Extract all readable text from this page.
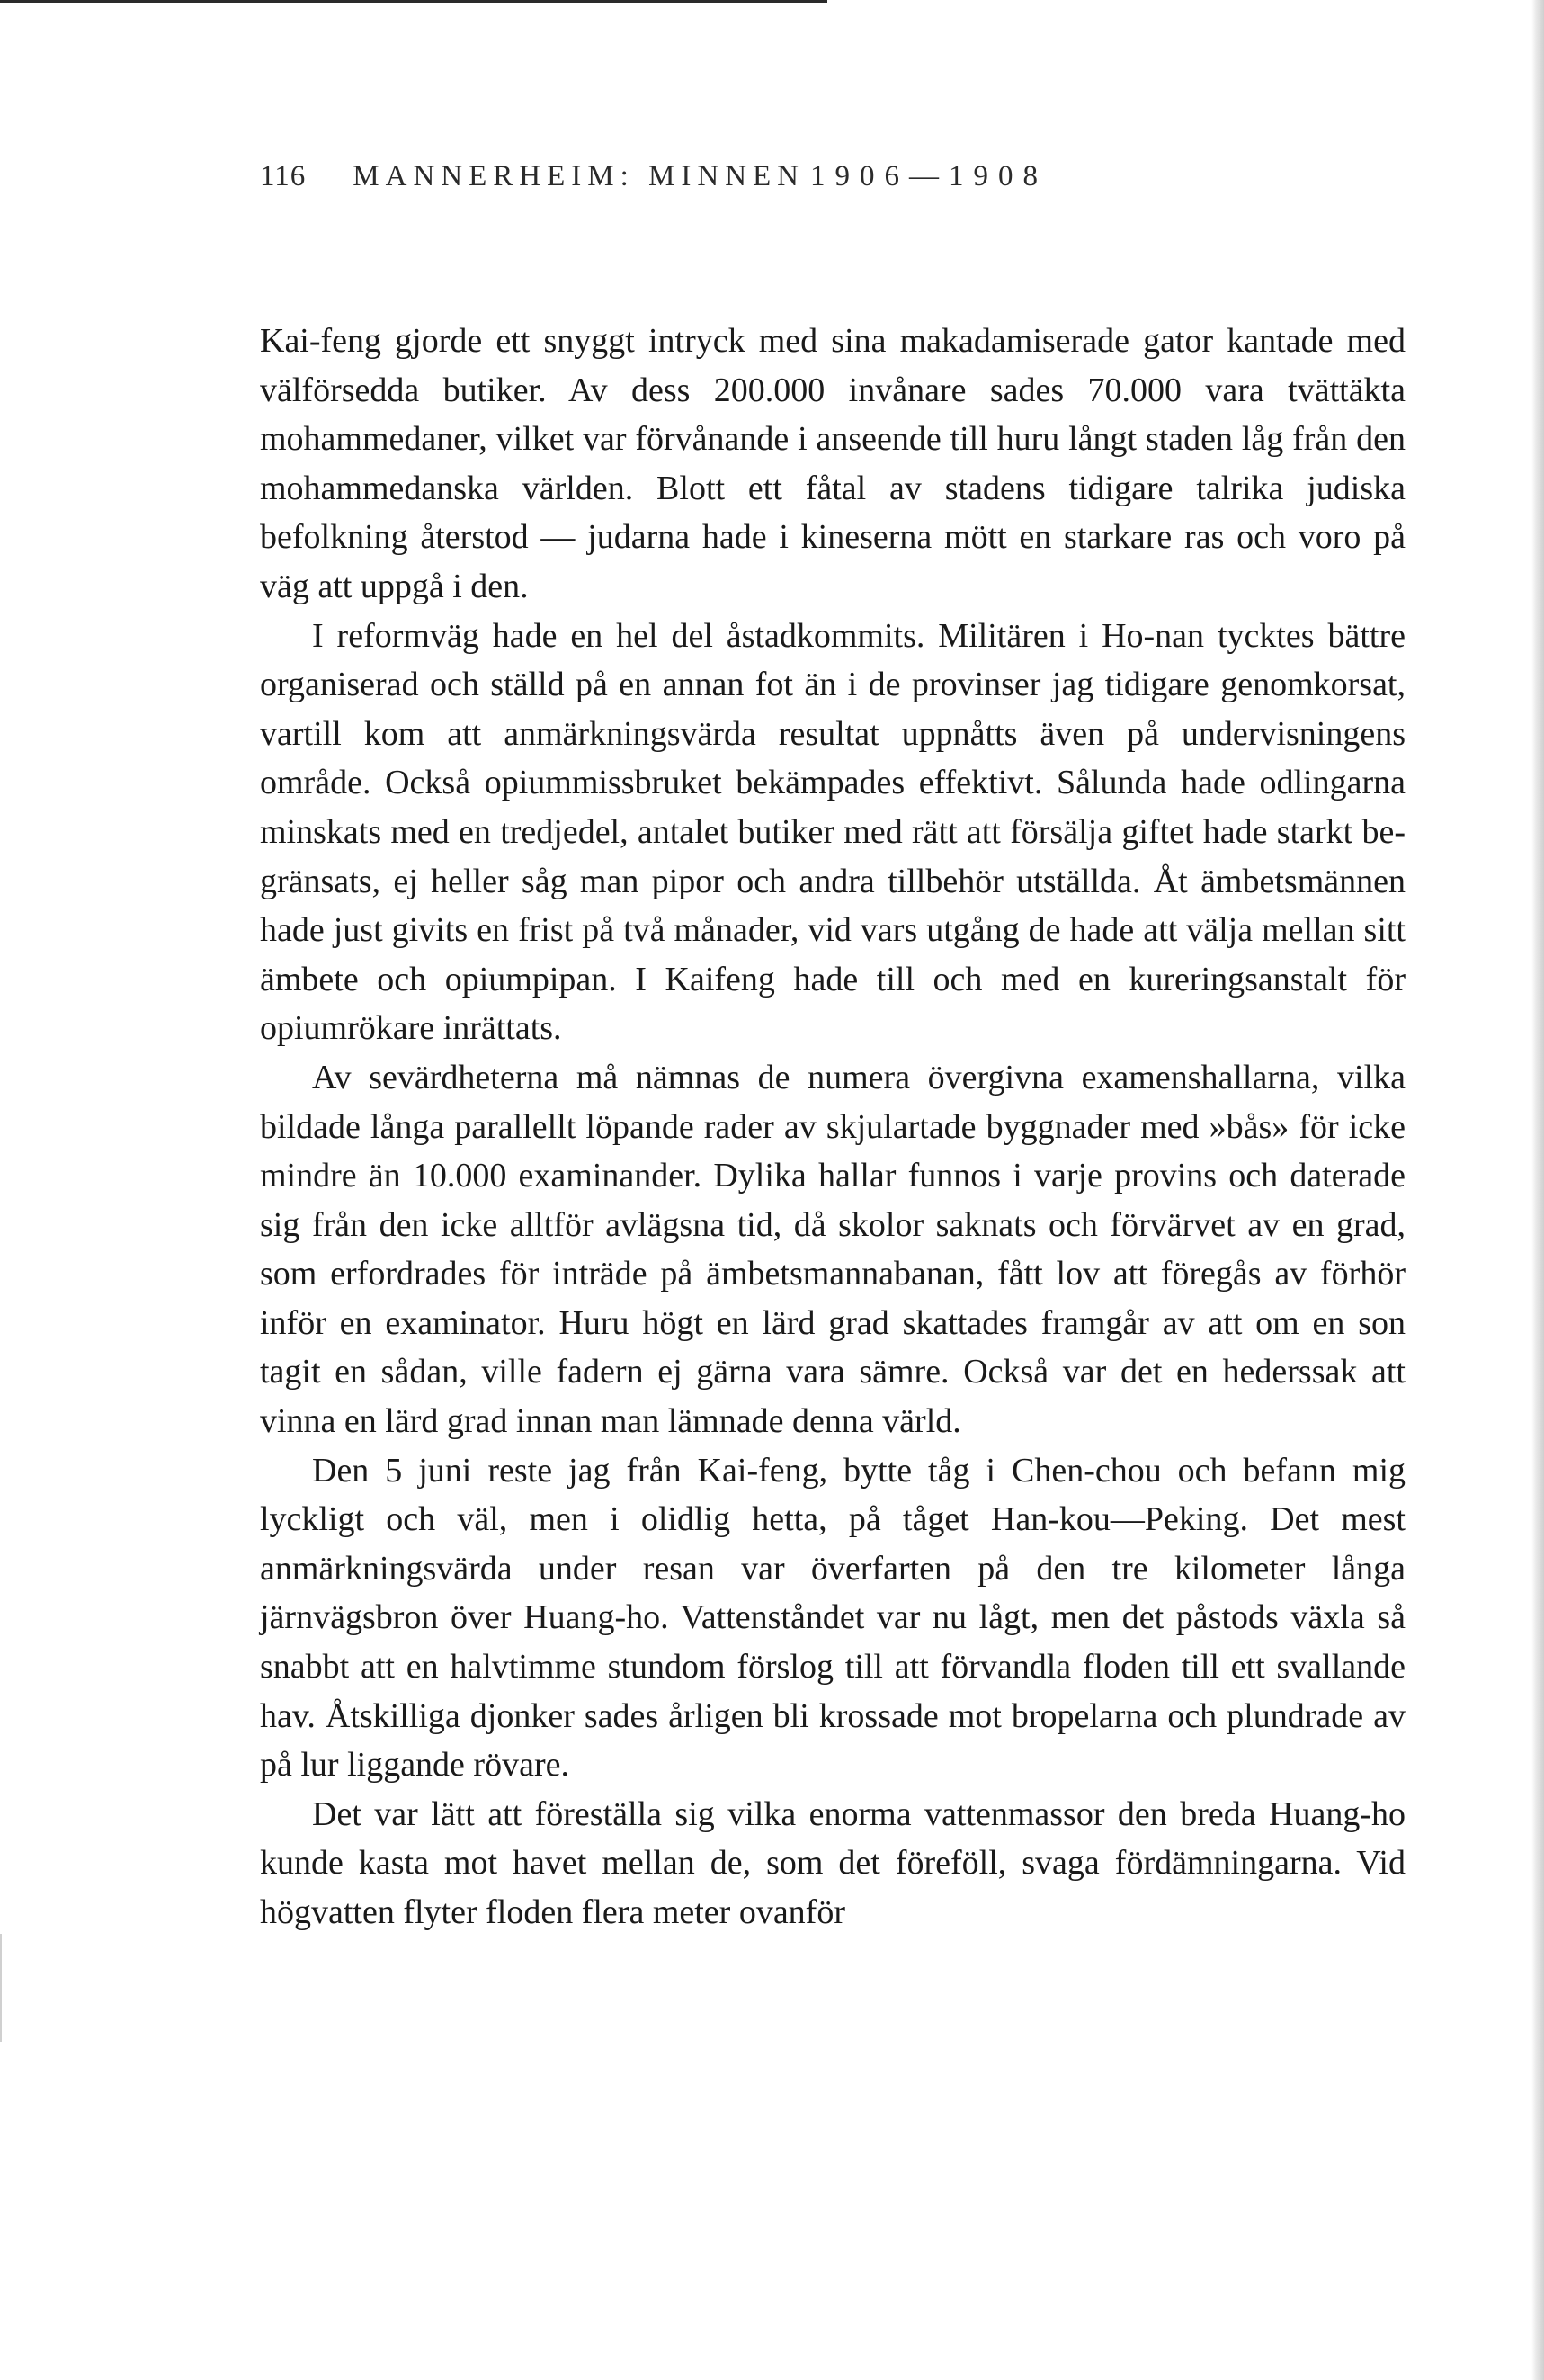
116 MANNERHEIM: MINNEN 1906—1908

Kai-feng gjorde ett snyggt intryck med sina makadamiserade gator kantade med välförsedda butiker. Av dess 200.000 invånare sades 70.000 vara tvättäkta mohammedaner, vilket var förvånande i anseende till huru långt staden låg från den mohammedanska världen. Blott ett fåtal av stadens tidigare talrika judiska befolkning återstod — judarna hade i kineserna mött en starkare ras och voro på väg att uppgå i den.

I reformväg hade en hel del åstadkommits. Militären i Ho-nan tycktes bättre organiserad och ställd på en annan fot än i de provinser jag tidigare genomkorsat, vartill kom att anmärkningsvärda resultat uppnåtts även på undervisningens område. Också opiummissbruket bekämpades effektivt. Sålunda hade odlingarna minskats med en tredjedel, antalet butiker med rätt att försälja giftet hade starkt begränsats, ej heller såg man pipor och andra tillbehör utställda. Åt ämbetsmännen hade just givits en frist på två månader, vid vars utgång de hade att välja mellan sitt ämbete och opiumpipan. I Kaifeng hade till och med en kureringsanstalt för opiumrökare inrättats.

Av sevärdheterna må nämnas de numera övergivna examenshallarna, vilka bildade långa parallellt löpande rader av skjulartade byggnader med »bås» för icke mindre än 10.000 examinander. Dylika hallar funnos i varje provins och daterade sig från den icke alltför avlägsna tid, då skolor saknats och förvärvet av en grad, som erfordrades för inträde på ämbetsmannabanan, fått lov att föregås av förhör inför en examinator. Huru högt en lärd grad skattades framgår av att om en son tagit en sådan, ville fadern ej gärna vara sämre. Också var det en hederssak att vinna en lärd grad innan man lämnade denna värld.

Den 5 juni reste jag från Kai-feng, bytte tåg i Chen-chou och befann mig lyckligt och väl, men i olidlig hetta, på tåget Han-kou—Peking. Det mest anmärkningsvärda under resan var överfarten på den tre kilometer långa järnvägsbron över Huang-ho. Vattenståndet var nu lågt, men det påstods växla så snabbt att en halvtimme stundom förslog till att förvandla floden till ett svallande hav. Åtskilliga djonker sades årligen bli krossade mot bropelarna och plundrade av på lur liggande rövare.

Det var lätt att föreställa sig vilka enorma vattenmassor den breda Huang-ho kunde kasta mot havet mellan de, som det föreföll, svaga fördämningarna. Vid högvatten flyter floden flera meter ovanför
